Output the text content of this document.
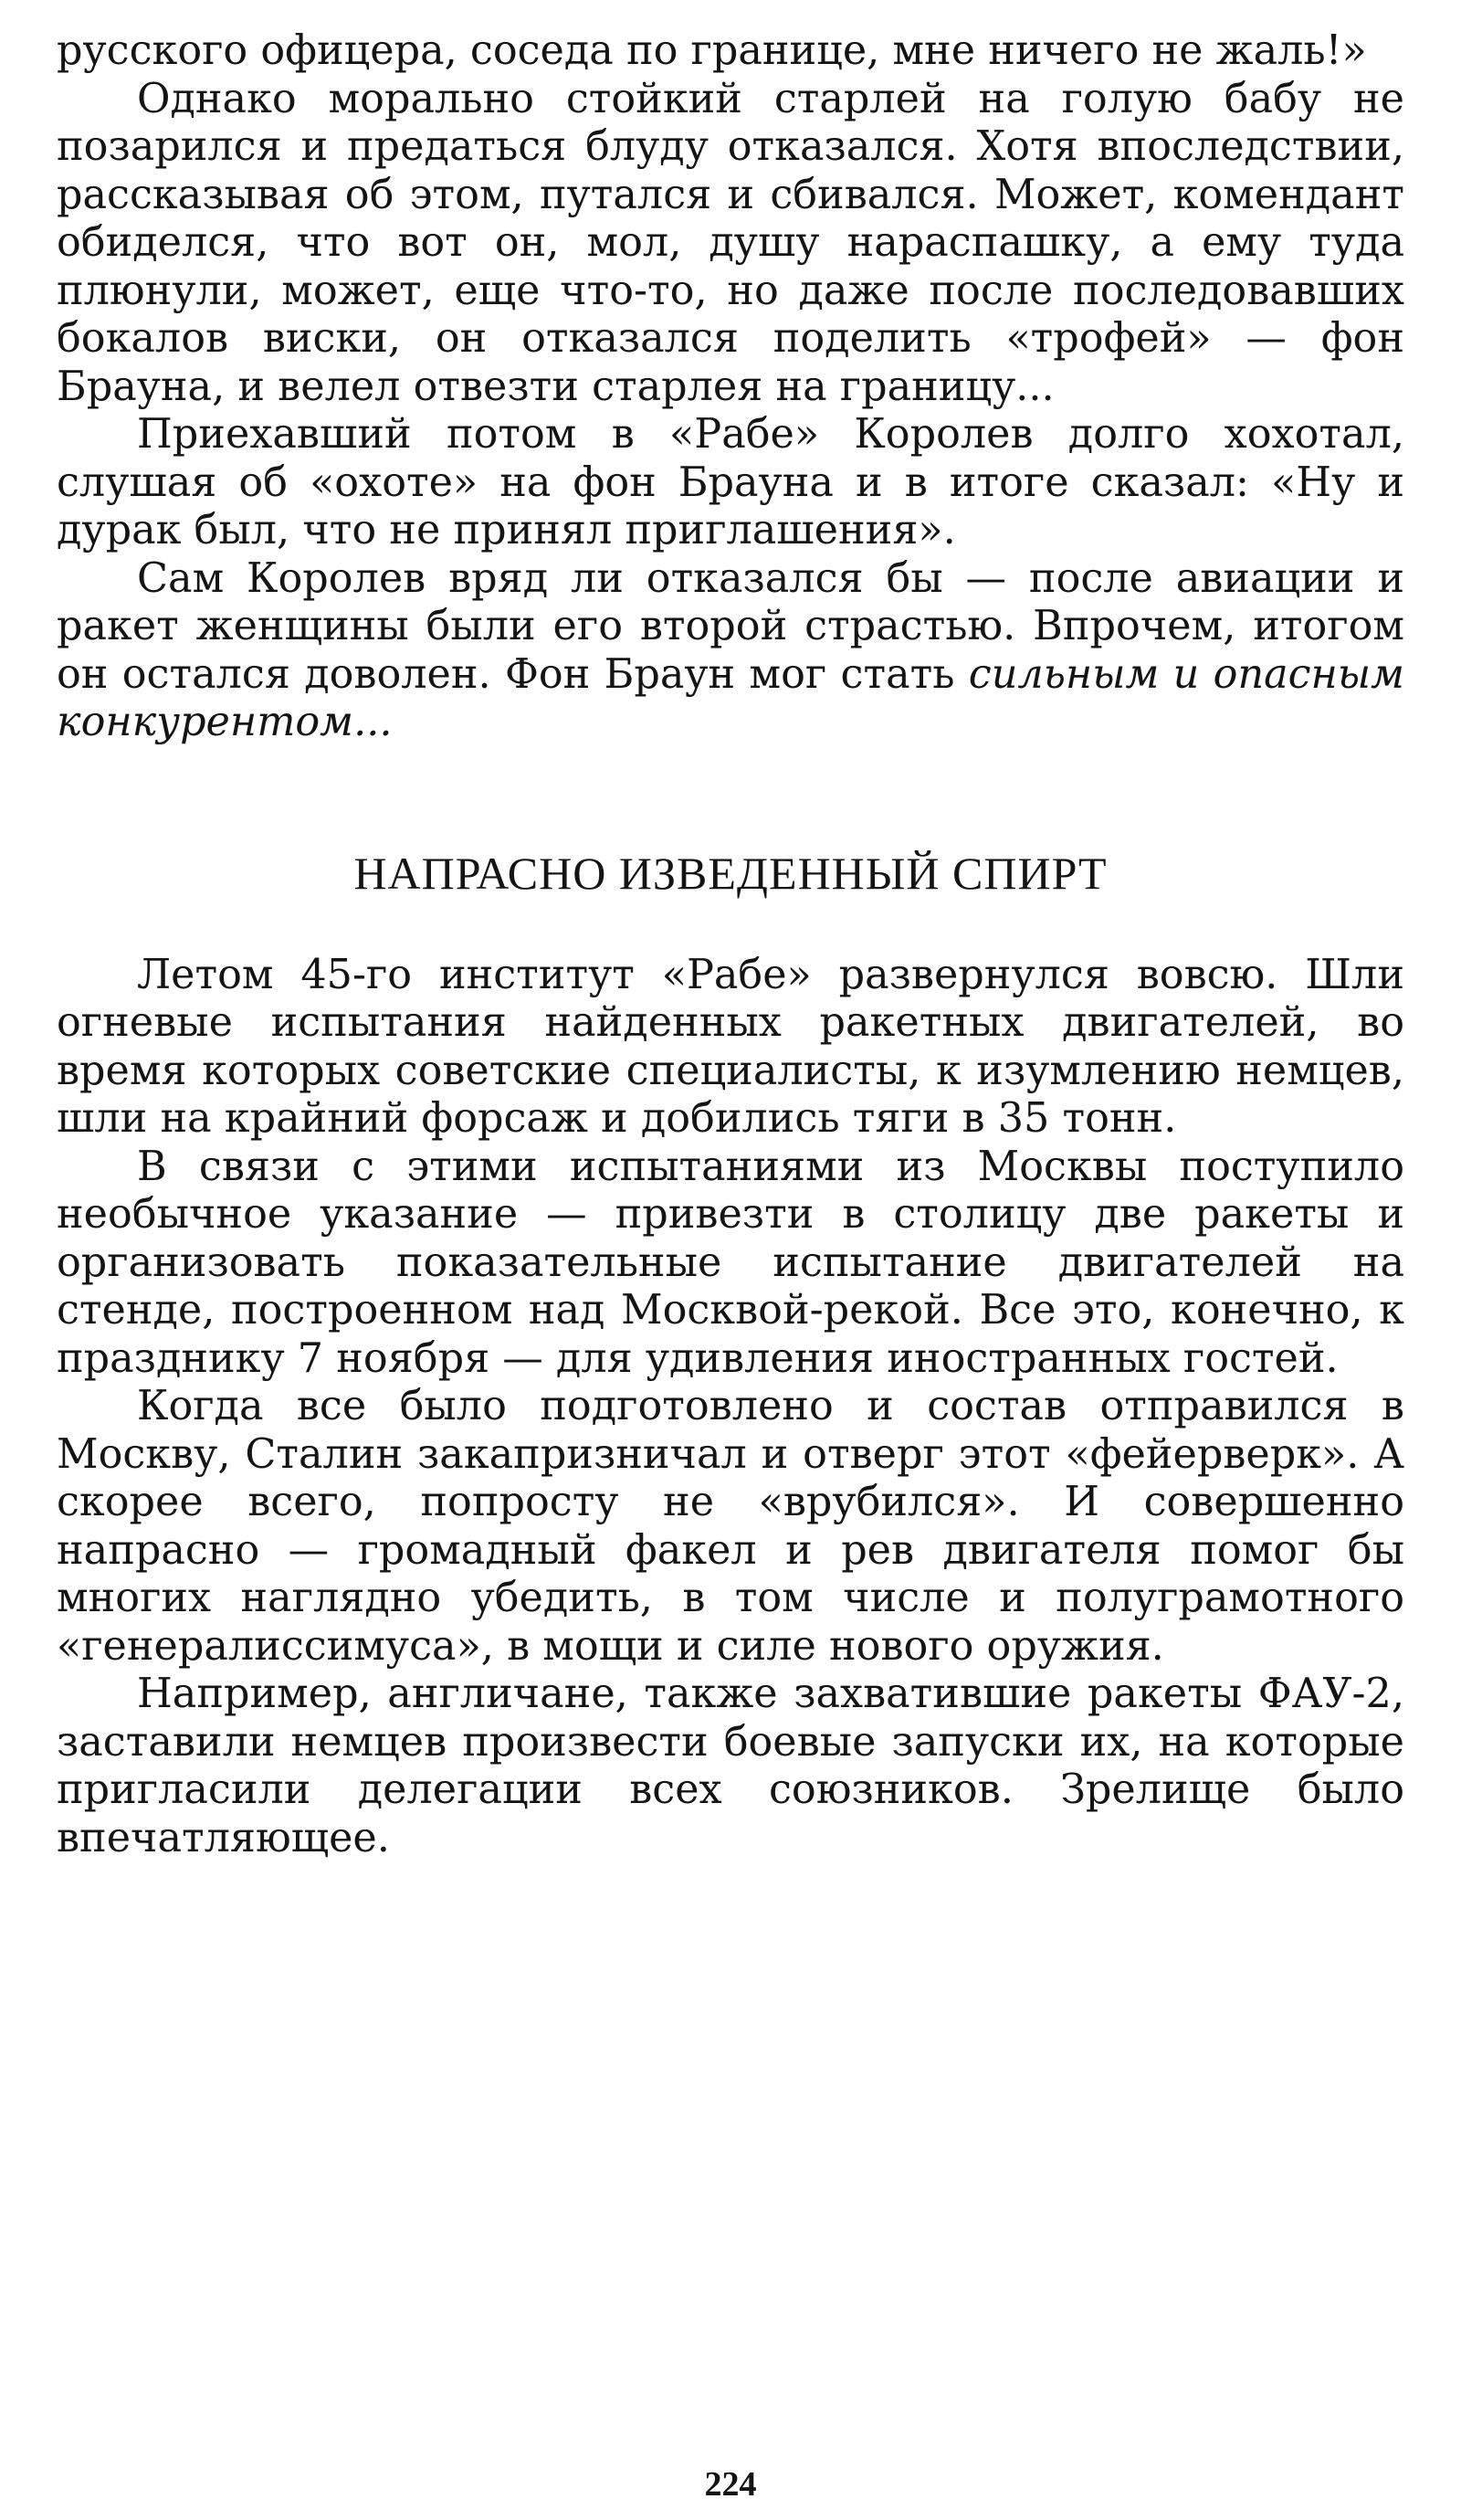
русского офицера, соседа по границе, мне ничего не жаль!»

Однако морально стойкий старлей на голую бабу не позарился и предаться блуду отказался. Хотя впоследствии, рассказывая об этом, путался и сбивался. Может, комендант обиделся, что вот он, мол, душу нараспашку, а ему туда плюнули, может, еще что-то, но даже после последовавших бокалов виски, он отказался поделить «трофей» — фон Брауна, и велел отвезти старлея на границу...

Приехавший потом в «Рабе» Королев долго хохотал, слушая об «охоте» на фон Брауна и в итоге сказал: «Ну и дурак был, что не принял приглашения».

Сам Королев вряд ли отказался бы — после авиации и ракет женщины были его второй страстью. Впрочем, итогом он остался доволен. Фон Браун мог стать сильным и опасным конкурентом...

НАПРАСНО ИЗВЕДЕННЫЙ СПИРТ

Летом 45-го институт «Рабе» развернулся вовсю. Шли огневые испытания найденных ракетных двигателей, во время которых советские специалисты, к изумлению немцев, шли на крайний форсаж и добились тяги в 35 тонн.

В связи с этими испытаниями из Москвы поступило необычное указание — привезти в столицу две ракеты и организовать показательные испытание двигателей на стенде, построенном над Москвой-рекой. Все это, конечно, к празднику 7 ноября — для удивления иностранных гостей.

Когда все было подготовлено и состав отправился в Москву, Сталин закапризничал и отверг этот «фейерверк». А скорее всего, попросту не «врубился». И совершенно напрасно — громадный факел и рев двигателя помог бы многих наглядно убедить, в том числе и полуграмотного «генералиссимуса», в мощи и силе нового оружия.

Например, англичане, также захватившие ракеты ФАУ-2, заставили немцев произвести боевые запуски их, на которые пригласили делегации всех союзников. Зрелище было впечатляющее.

224
